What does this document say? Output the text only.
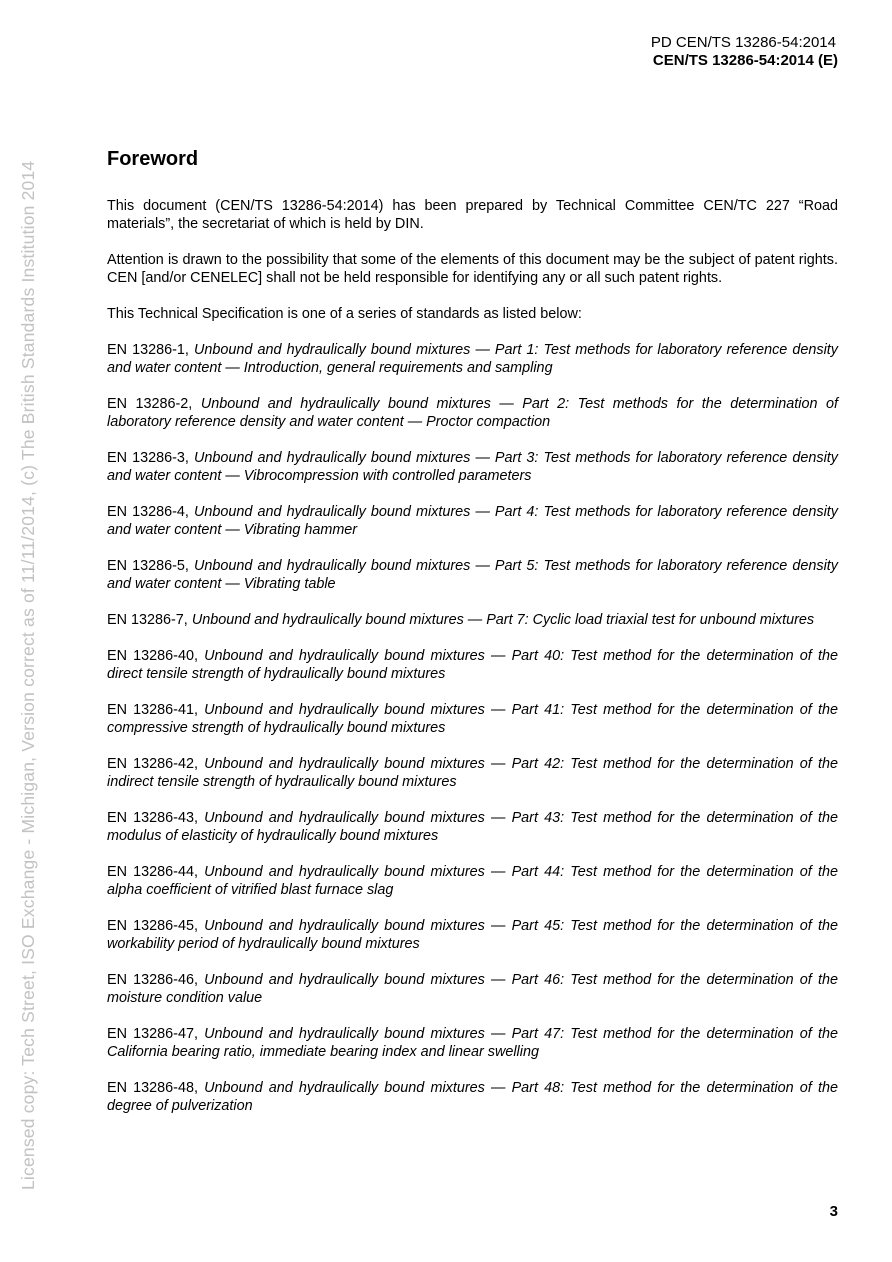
Licensed copy: Tech Street, ISO Exchange - Michigan, Version correct as of 11/11/2014, (c) The British Standards Institution 2014
PD CEN/TS 13286-54:2014
CEN/TS 13286-54:2014 (E)
Foreword

This document (CEN/TS 13286-54:2014) has been prepared by Technical Committee CEN/TC 227 “Road materials”, the secretariat of which is held by DIN.

Attention is drawn to the possibility that some of the elements of this document may be the subject of patent rights. CEN [and/or CENELEC] shall not be held responsible for identifying any or all such patent rights.

This Technical Specification is one of a series of standards as listed below:

EN 13286-1, Unbound and hydraulically bound mixtures — Part 1: Test methods for laboratory reference density and water content — Introduction, general requirements and sampling
EN 13286-2, Unbound and hydraulically bound mixtures — Part 2: Test methods for the determination of laboratory reference density and water content — Proctor compaction
EN 13286-3, Unbound and hydraulically bound mixtures — Part 3: Test methods for laboratory reference density and water content — Vibrocompression with controlled parameters
EN 13286-4, Unbound and hydraulically bound mixtures — Part 4: Test methods for laboratory reference density and water content — Vibrating hammer
EN 13286-5, Unbound and hydraulically bound mixtures — Part 5: Test methods for laboratory reference density and water content — Vibrating table
EN 13286-7, Unbound and hydraulically bound mixtures — Part 7: Cyclic load triaxial test for unbound mixtures
EN 13286-40, Unbound and hydraulically bound mixtures — Part 40: Test method for the determination of the direct tensile strength of hydraulically bound mixtures
EN 13286-41, Unbound and hydraulically bound mixtures — Part 41: Test method for the determination of the compressive strength of hydraulically bound mixtures
EN 13286-42, Unbound and hydraulically bound mixtures — Part 42: Test method for the determination of the indirect tensile strength of hydraulically bound mixtures
EN 13286-43, Unbound and hydraulically bound mixtures — Part 43: Test method for the determination of the modulus of elasticity of hydraulically bound mixtures
EN 13286-44, Unbound and hydraulically bound mixtures — Part 44: Test method for the determination of the alpha coefficient of vitrified blast furnace slag
EN 13286-45, Unbound and hydraulically bound mixtures — Part 45: Test method for the determination of the workability period of hydraulically bound mixtures
EN 13286-46, Unbound and hydraulically bound mixtures — Part 46: Test method for the determination of the moisture condition value
EN 13286-47, Unbound and hydraulically bound mixtures — Part 47: Test method for the determination of the California bearing ratio, immediate bearing index and linear swelling
EN 13286-48, Unbound and hydraulically bound mixtures — Part 48: Test method for the determination of the degree of pulverization
3
